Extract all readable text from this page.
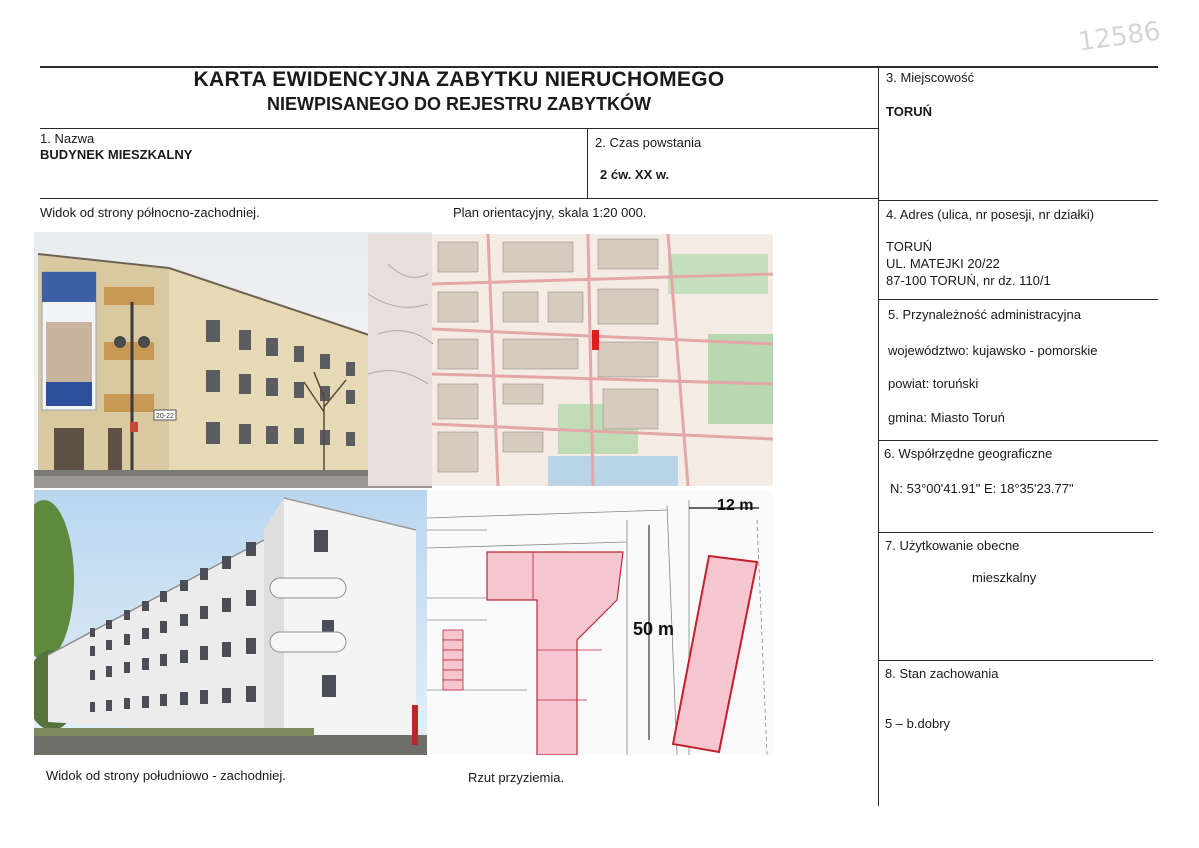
12586
KARTA EWIDENCYJNA ZABYTKU NIERUCHOMEGO
NIEWPISANEGO DO REJESTRU ZABYTKÓW
1. Nazwa
BUDYNEK MIESZKALNY
2. Czas powstania
2 ćw. XX w.
3. Miejscowość
TORUŃ
4. Adres (ulica, nr posesji, nr działki)
TORUŃ
UL. MATEJKI 20/22
87-100 TORUŃ, nr dz. 110/1
5. Przynależność administracyjna
województwo: kujawsko - pomorskie
powiat: toruński
gmina: Miasto Toruń
6. Współrzędne geograficzne
N: 53°00'41.91" E: 18°35'23.77"
7. Użytkowanie obecne
mieszkalny
8. Stan zachowania
5 – b.dobry
Widok od strony północno-zachodniej.	Plan orientacyjny, skala 1:20 000.
Widok od strony południowo - zachodniej.	Rzut przyziemia.
20-22
12 m
50 m
